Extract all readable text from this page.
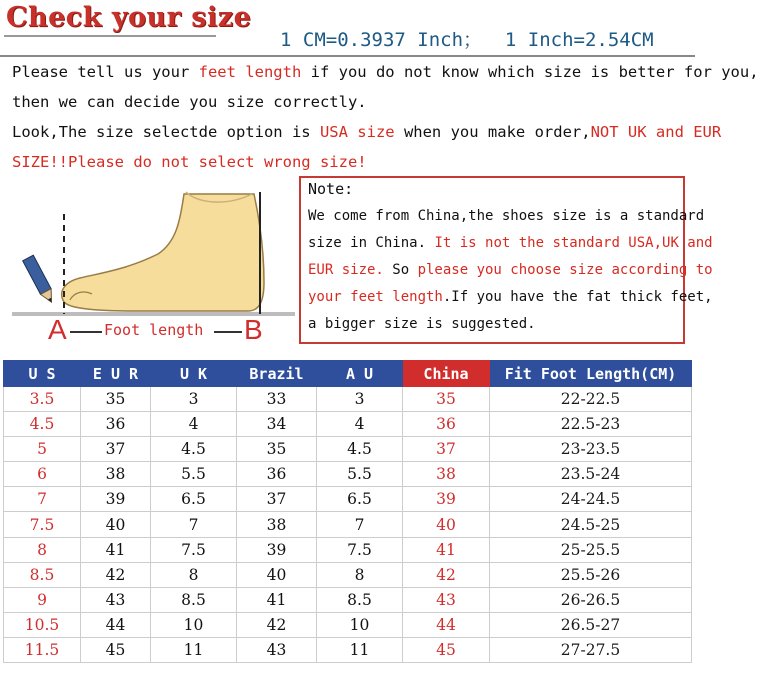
Check your size
1 CM=0.3937 Inch；  1 Inch=2.54CM
Please tell us your feet length if you do not know which size is better for you,
then we can decide you size correctly.
Look,The size selectde option is USA size when you make order,NOT UK and EUR
SIZE!!Please do not select wrong size!
A Foot length B
Note:
We come from China,the shoes size is a standard
size in China. It is not the standard USA,UK and
EUR size. So please you choose size according to
your feet length.If you have the fat thick feet,
a bigger size is suggested.
U S	E U R	U K	Brazil	A U	China	Fit Foot Length(CM)
3.5	35	3	33	3	35	22-22.5
4.5	36	4	34	4	36	22.5-23
5	37	4.5	35	4.5	37	23-23.5
6	38	5.5	36	5.5	38	23.5-24
7	39	6.5	37	6.5	39	24-24.5
7.5	40	7	38	7	40	24.5-25
8	41	7.5	39	7.5	41	25-25.5
8.5	42	8	40	8	42	25.5-26
9	43	8.5	41	8.5	43	26-26.5
10.5	44	10	42	10	44	26.5-27
11.5	45	11	43	11	45	27-27.5
